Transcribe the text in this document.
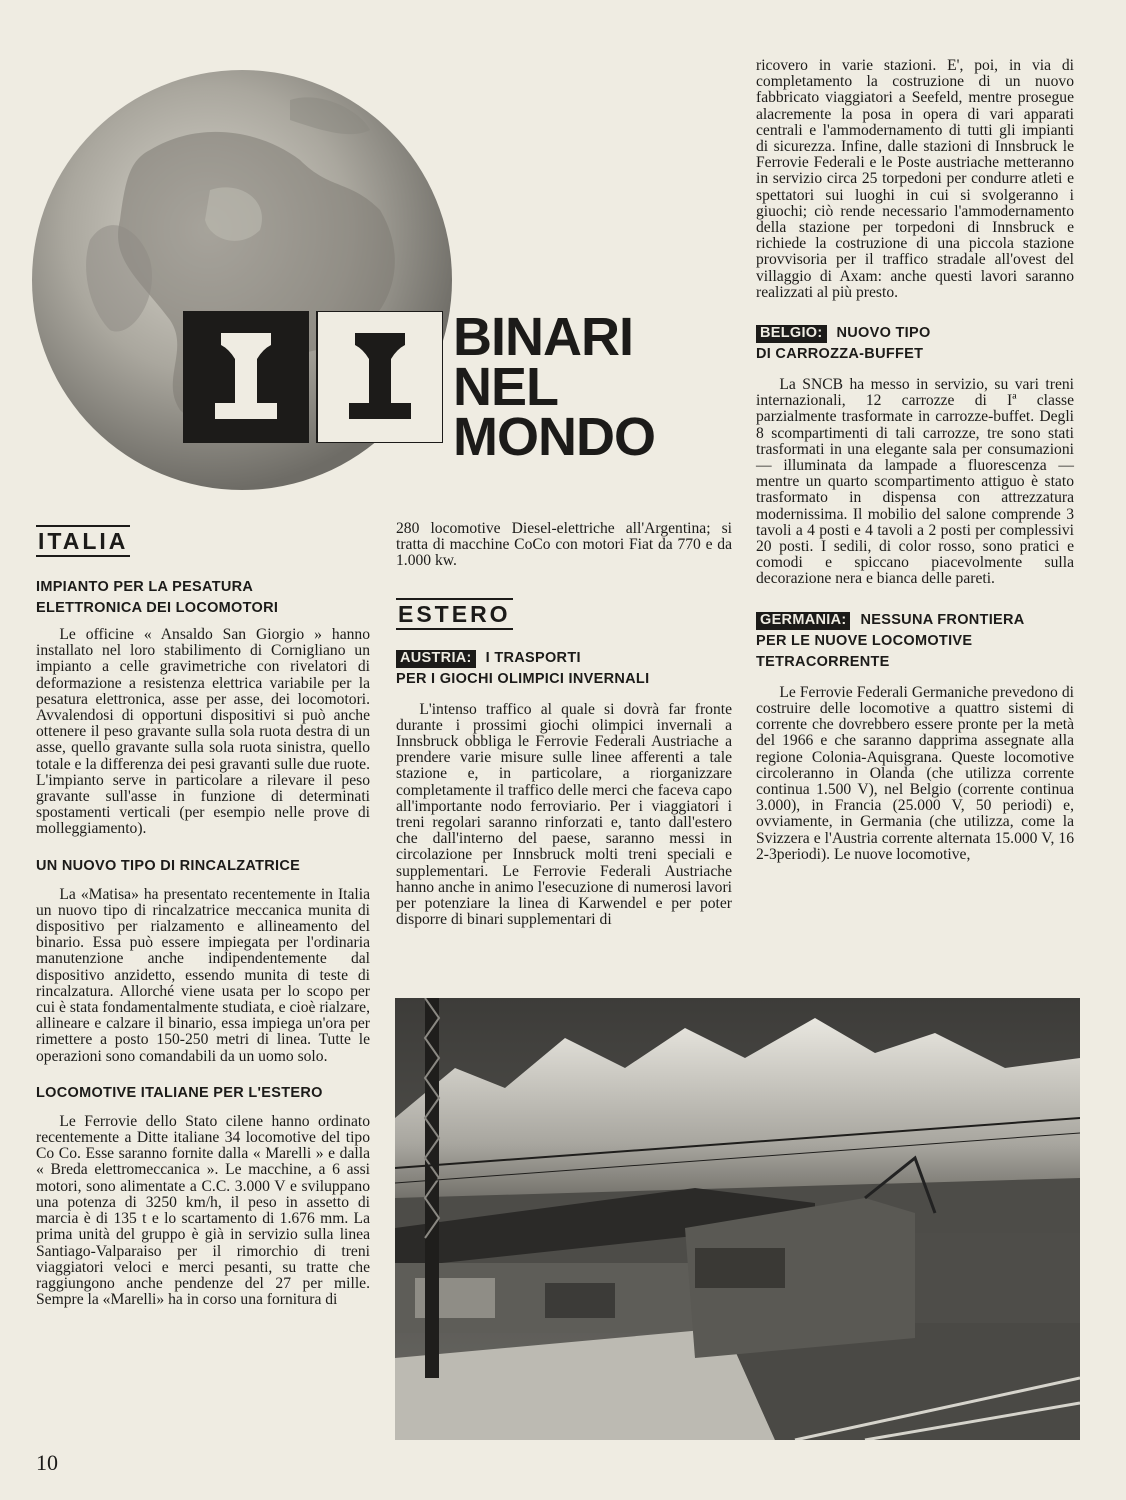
BINARI
NEL
MONDO
ITALIA

IMPIANTO PER LA PESATURA

ELETTRONICA DEI LOCOMOTORI

Le officine « Ansaldo San Giorgio » hanno installato nel loro stabilimento di Cornigliano un impianto a celle gravimetriche con rivelatori di deformazione a resistenza elettrica variabile per la pesatura elettronica, asse per asse, dei locomotori. Avvalendosi di opportuni dispositivi si può anche ottenere il peso gravante sulla sola ruota destra di un asse, quello gravante sulla sola ruota sinistra, quello totale e la differenza dei pesi gravanti sulle due ruote. L'impianto serve in particolare a rilevare il peso gravante sull'asse in funzione di determinati spostamenti verticali (per esempio nelle prove di molleggiamento).

UN NUOVO TIPO DI RINCALZATRICE

La «Matisa» ha presentato recentemente in Italia un nuovo tipo di rincalzatrice meccanica munita di dispositivo per rialzamento e allineamento del binario. Essa può essere impiegata per l'ordinaria manutenzione anche indipendentemente dal dispositivo anzidetto, essendo munita di teste di rincalzatura. Allorché viene usata per lo scopo per cui è stata fondamentalmente studiata, e cioè rialzare, allineare e calzare il binario, essa impiega un'ora per rimettere a posto 150-250 metri di linea. Tutte le operazioni sono comandabili da un uomo solo.

LOCOMOTIVE ITALIANE PER L'ESTERO

Le Ferrovie dello Stato cilene hanno ordinato recentemente a Ditte italiane 34 locomotive del tipo Co Co. Esse saranno fornite dalla « Marelli » e dalla « Breda elettromeccanica ». Le macchine, a 6 assi motori, sono alimentate a C.C. 3.000 V e sviluppano una potenza di 3250 km/h, il peso in assetto di marcia è di 135 t e lo scartamento di 1.676 mm. La prima unità del gruppo è già in servizio sulla linea Santiago-Valparaiso per il rimorchio di treni viaggiatori veloci e merci pesanti, su tratte che raggiungono anche pendenze del 27 per mille. Sempre la «Marelli» ha in corso una fornitura di

280 locomotive Diesel-elettriche all'Argentina; si tratta di macchine CoCo con motori Fiat da 770 e da 1.000 kw.

ESTERO

AUSTRIA: I TRASPORTI

PER I GIOCHI OLIMPICI INVERNALI

L'intenso traffico al quale si dovrà far fronte durante i prossimi giochi olimpici invernali a Innsbruck obbliga le Ferrovie Federali Austriache a prendere varie misure sulle linee afferenti a tale stazione e, in particolare, a riorganizzare completamente il traffico delle merci che faceva capo all'importante nodo ferroviario. Per i viaggiatori i treni regolari saranno rinforzati e, tanto dall'estero che dall'interno del paese, saranno messi in circolazione per Innsbruck molti treni speciali e supplementari. Le Ferrovie Federali Austriache hanno anche in animo l'esecuzione di numerosi lavori per potenziare la linea di Karwendel e per poter disporre di binari supplementari di

ricovero in varie stazioni. E', poi, in via di completamento la costruzione di un nuovo fabbricato viaggiatori a Seefeld, mentre prosegue alacremente la posa in opera di vari apparati centrali e l'ammodernamento di tutti gli impianti di sicurezza. Infine, dalle stazioni di Innsbruck le Ferrovie Federali e le Poste austriache metteranno in servizio circa 25 torpedoni per condurre atleti e spettatori sui luoghi in cui si svolgeranno i giuochi; ciò rende necessario l'ammodernamento della stazione per torpedoni di Innsbruck e richiede la costruzione di una piccola stazione provvisoria per il traffico stradale all'ovest del villaggio di Axam: anche questi lavori saranno realizzati al più presto.

BELGIO: NUOVO TIPO

DI CARROZZA-BUFFET

La SNCB ha messo in servizio, su vari treni internazionali, 12 carrozze di Iª classe parzialmente trasformate in carrozze-buffet. Degli 8 scompartimenti di tali carrozze, tre sono stati trasformati in una elegante sala per consumazioni — illuminata da lampade a fluorescenza — mentre un quarto scompartimento attiguo è stato trasformato in dispensa con attrezzatura modernissima. Il mobilio del salone comprende 3 tavoli a 4 posti e 4 tavoli a 2 posti per complessivi 20 posti. I sedili, di color rosso, sono pratici e comodi e spiccano piacevolmente sulla decorazione nera e bianca delle pareti.

GERMANIA: NESSUNA FRONTIERA

PER LE NUOVE LOCOMOTIVE

TETRACORRENTE

Le Ferrovie Federali Germaniche prevedono di costruire delle locomotive a quattro sistemi di corrente che dovrebbero essere pronte per la metà del 1966 e che saranno dapprima assegnate alla regione Colonia-Aquisgrana. Queste locomotive circoleranno in Olanda (che utilizza corrente continua 1.500 V), nel Belgio (corrente continua 3.000), in Francia (25.000 V, 50 periodi) e, ovviamente, in Germania (che utilizza, come la Svizzera e l'Austria corrente alternata 15.000 V, 16 2-3periodi). Le nuove locomotive,

10
